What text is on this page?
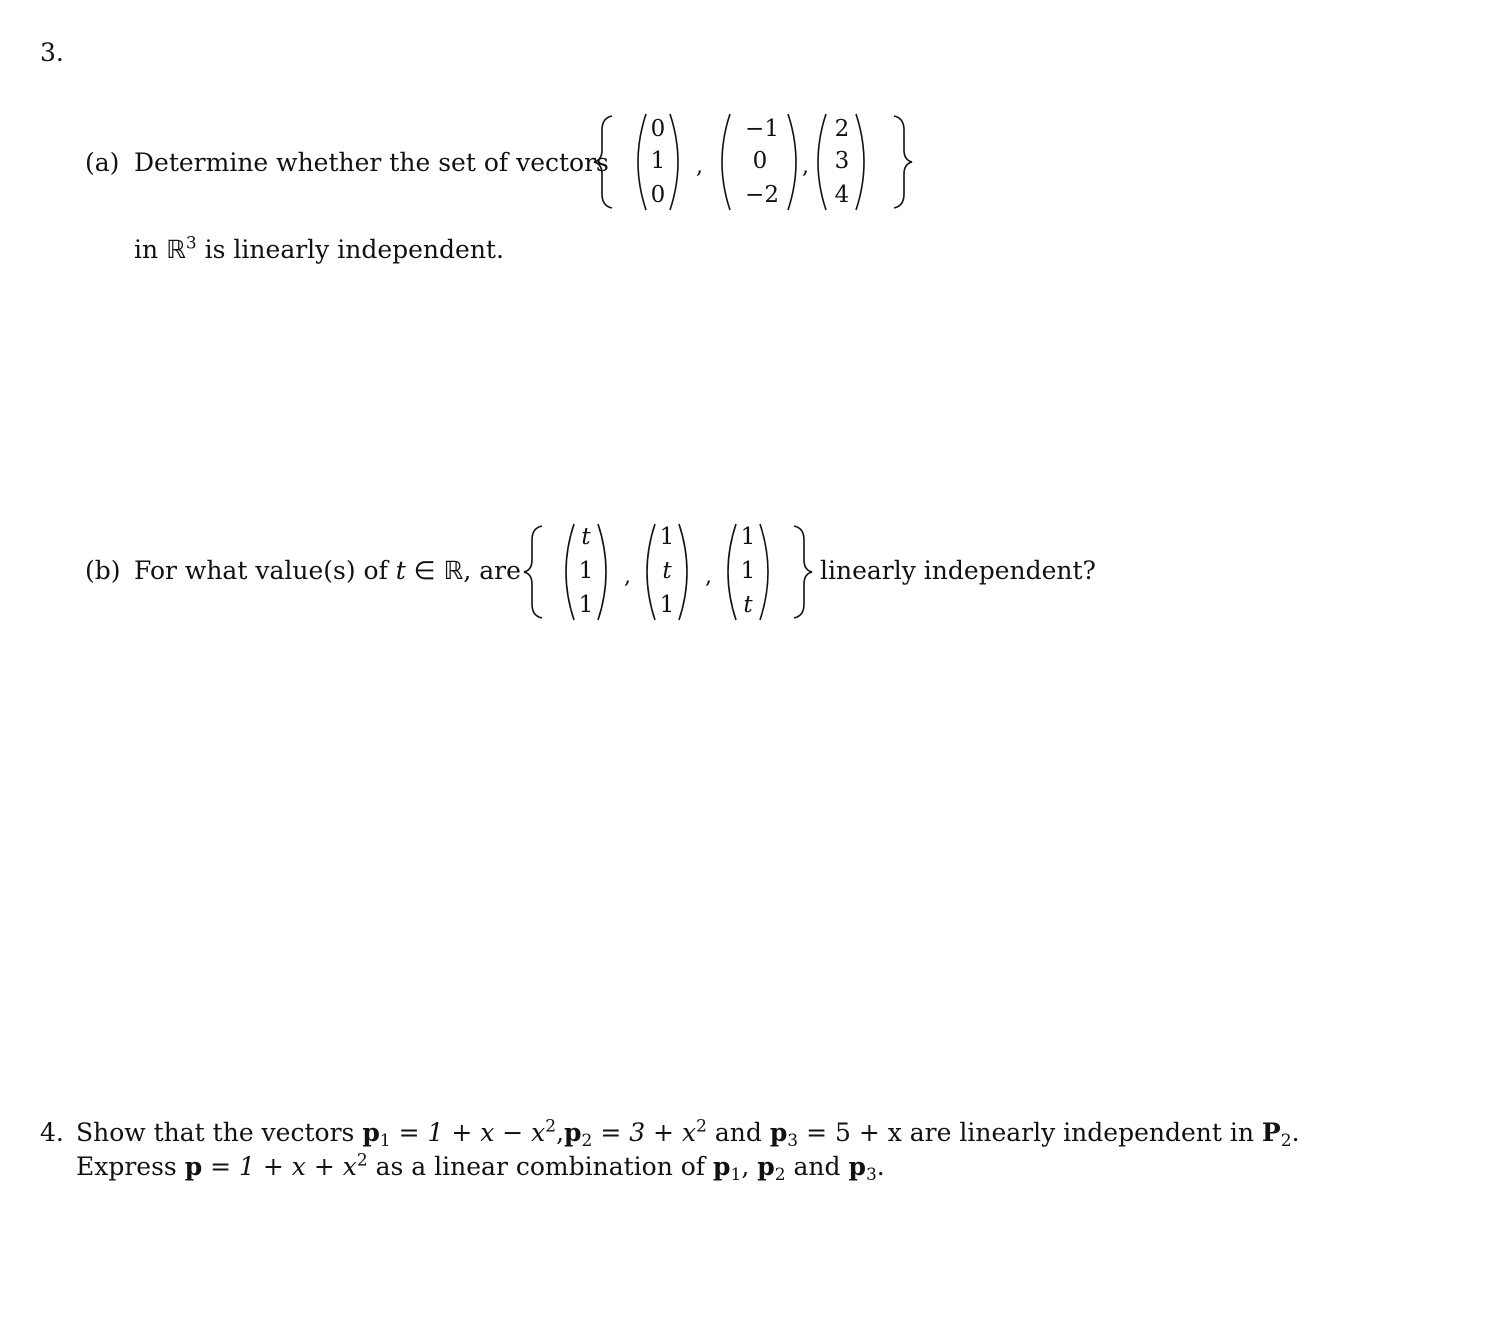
3.
(a) Determine whether the set of vectors
0
1
0
,
−1
0
−2
,
2
3
4
in ℝ$^3$ is linearly independent.
(b) For what value(s) of t ∈ ℝ, are
t
1
1
,
1
t
1
,
1
1
t
linearly independent?
4. Show that the vectors $p_1 = 1 + x - x^2,p_2 = 3 + x^2$ and $p_3 = 5 + x$ are linearly independent in $P_2$.
Express $p = 1 + x + x^2$ as a linear combination of $p_1$, $p_2$ and $p_3$.
